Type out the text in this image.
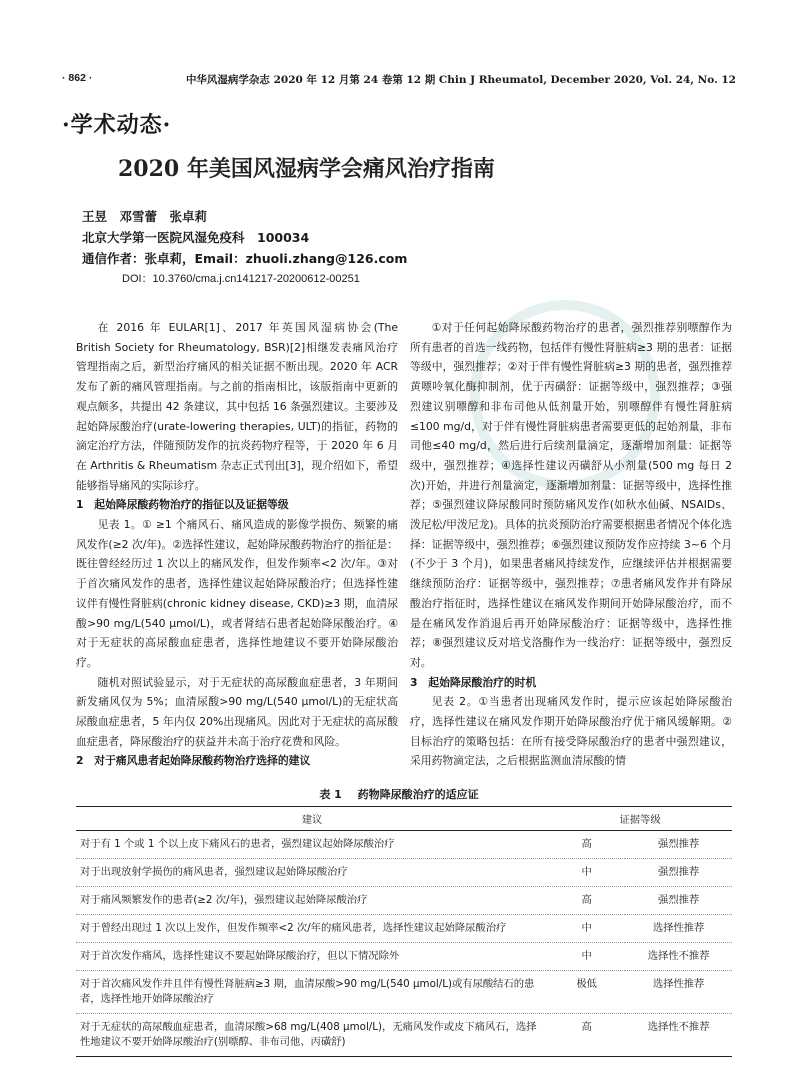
· 862 ·	中华风湿病学杂志 2020 年 12 月第 24 卷第 12 期 Chin J Rheumatol, December 2020, Vol. 24, No. 12
·学术动态·
2020 年美国风湿病学会痛风治疗指南
王昱　邓雪蕾　张卓莉
北京大学第一医院风湿免疫科　100034
通信作者：张卓莉，Email：zhuoli.zhang@126.com
DOI：10.3760/cma.j.cn141217-20200612-00251

在 2016 年 EULAR[1]、2017 年英国风湿病协会(The British Society for Rheumatology, BSR)[2]相继发表痛风治疗管理指南之后，新型治疗痛风的相关证据不断出现。2020 年 ACR 发布了新的痛风管理指南。与之前的指南相比，该版指南中更新的观点颇多，共提出 42 条建议，其中包括 16 条强烈建议。主要涉及起始降尿酸治疗(urate-lowering therapies, ULT)的指征，药物的滴定治疗方法，伴随预防发作的抗炎药物疗程等，于 2020 年 6 月在 Arthritis & Rheumatism 杂志正式刊出[3]，现介绍如下，希望能够指导痛风的实际诊疗。

1　起始降尿酸药物治疗的指征以及证据等级

见表 1。① ≥1 个痛风石、痛风造成的影像学损伤、频繁的痛风发作(≥2 次/年)。②选择性建议，起始降尿酸药物治疗的指征是：既往曾经经历过 1 次以上的痛风发作，但发作频率<2 次/年。③对于首次痛风发作的患者，选择性建议起始降尿酸治疗；但选择性建议伴有慢性肾脏病(chronic kidney disease, CKD)≥3 期，血清尿酸>90 mg/L(540 μmol/L)，或者肾结石患者起始降尿酸治疗。④对于无症状的高尿酸血症患者，选择性地建议不要开始降尿酸治疗。

随机对照试验显示，对于无症状的高尿酸血症患者，3 年期间新发痛风仅为 5%；血清尿酸>90 mg/L(540 μmol/L)的无症状高尿酸血症患者，5 年内仅 20%出现痛风。因此对于无症状的高尿酸血症患者，降尿酸治疗的获益并未高于治疗花费和风险。

2　对于痛风患者起始降尿酸药物治疗选择的建议

①对于任何起始降尿酸药物治疗的患者，强烈推荐别嘌醇作为所有患者的首选一线药物，包括伴有慢性肾脏病≥3 期的患者：证据等级中，强烈推荐；②对于伴有慢性肾脏病≥3 期的患者，强烈推荐黄嘌呤氧化酶抑制剂，优于丙磺舒：证据等级中，强烈推荐；③强烈建议别嘌醇和非布司他从低剂量开始，别嘌醇伴有慢性肾脏病≤100 mg/d，对于伴有慢性肾脏病患者需要更低的起始剂量，非布司他≤40 mg/d，然后进行后续剂量滴定，逐渐增加剂量：证据等级中，强烈推荐；④选择性建议丙磺舒从小剂量(500 mg 每日 2 次)开始，并进行剂量滴定，逐渐增加剂量：证据等级中，选择性推荐；⑤强烈建议降尿酸同时预防痛风发作(如秋水仙碱、NSAIDs、泼尼松/甲泼尼龙)。具体的抗炎预防治疗需要根据患者情况个体化选择：证据等级中，强烈推荐；⑥强烈建议预防发作应持续 3~6 个月(不少于 3 个月)，如果患者痛风持续发作，应继续评估并根据需要继续预防治疗：证据等级中，强烈推荐；⑦患者痛风发作并有降尿酸治疗指征时，选择性建议在痛风发作期间开始降尿酸治疗，而不是在痛风发作消退后再开始降尿酸治疗：证据等级中，选择性推荐；⑧强烈建议反对培戈洛酶作为一线治疗：证据等级中，强烈反对。

3　起始降尿酸治疗的时机

见表 2。①当患者出现痛风发作时，提示应该起始降尿酸治疗，选择性建议在痛风发作期开始降尿酸治疗优于痛风缓解期。②目标治疗的策略包括：在所有接受降尿酸治疗的患者中强烈建议，采用药物滴定法，之后根据监测血清尿酸的情

表 1 药物降尿酸治疗的适应证
建议	证据等级	
对于有 1 个或 1 个以上皮下痛风石的患者，强烈建议起始降尿酸治疗	高	强烈推荐
对于出现放射学损伤的痛风患者，强烈建议起始降尿酸治疗	中	强烈推荐
对于痛风频繁发作的患者(≥2 次/年)，强烈建议起始降尿酸治疗	高	强烈推荐
对于曾经出现过 1 次以上发作，但发作频率<2 次/年的痛风患者，选择性建议起始降尿酸治疗	中	选择性推荐
对于首次发作痛风，选择性建议不要起始降尿酸治疗，但以下情况除外	中	选择性不推荐
对于首次痛风发作并且伴有慢性肾脏病≥3 期，血清尿酸>90 mg/L(540 μmol/L)或有尿酸结石的患者，选择性地开始降尿酸治疗	极低	选择性推荐
对于无症状的高尿酸血症患者，血清尿酸>68 mg/L(408 μmol/L)，无痛风发作或皮下痛风石，选择性地建议不要开始降尿酸治疗(别嘌醇、非布司他、丙磺舒)	高	选择性不推荐
